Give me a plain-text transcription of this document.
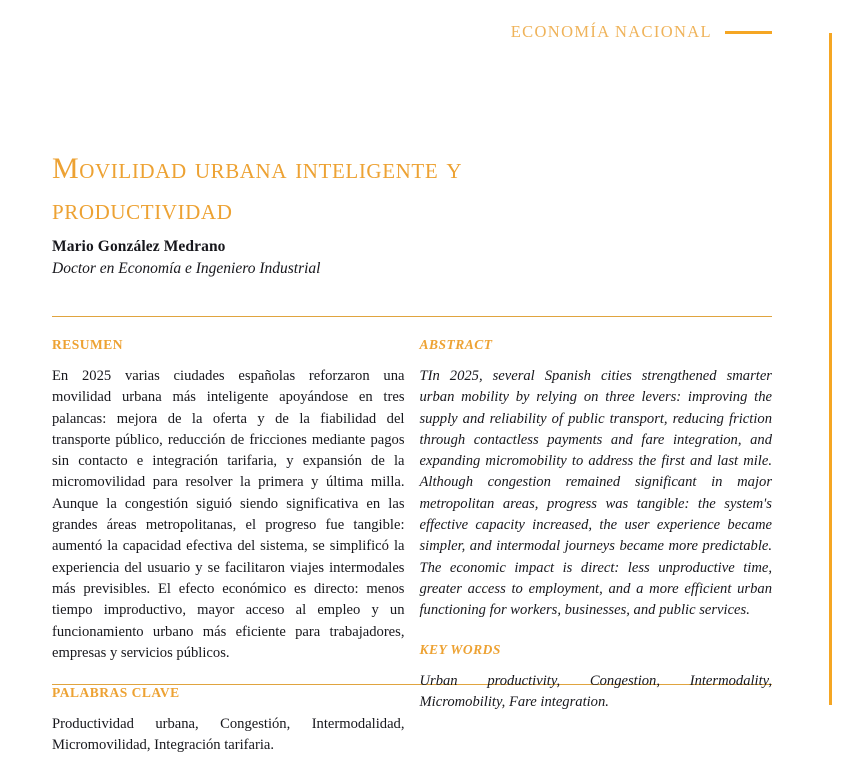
ECONOMÍA NACIONAL
Movilidad urbana inteligente y productividad

Mario González Medrano

Doctor en Economía e Ingeniero Industrial

RESUMEN

En 2025 varias ciudades españolas reforzaron una movilidad urbana más inteligente apoyándose en tres palancas: mejora de la oferta y de la fiabilidad del transporte público, reducción de fricciones mediante pagos sin contacto e integración tarifaria, y expansión de la micromovilidad para resolver la primera y última milla. Aunque la congestión siguió siendo significativa en las grandes áreas metropolitanas, el progreso fue tangible: aumentó la capacidad efectiva del sistema, se simplificó la experiencia del usuario y se facilitaron viajes intermodales más previsibles. El efecto económico es directo: menos tiempo improductivo, mayor acceso al empleo y un funcionamiento urbano más eficiente para trabajadores, empresas y servicios públicos.

PALABRAS CLAVE

Productividad urbana, Congestión, Intermodalidad, Micromovilidad, Integración tarifaria.

ABSTRACT

TIn 2025, several Spanish cities strengthened smarter urban mobility by relying on three levers: improving the supply and reliability of public transport, reducing friction through contactless payments and fare integration, and expanding micromobility to address the first and last mile. Although congestion remained significant in major metropolitan areas, progress was tangible: the system's effective capacity increased, the user experience became simpler, and intermodal journeys became more predictable. The economic impact is direct: less unproductive time, greater access to employment, and a more efficient urban functioning for workers, businesses, and public services.

KEY WORDS

Urban productivity, Congestion, Intermodality, Micromobility, Fare integration.
